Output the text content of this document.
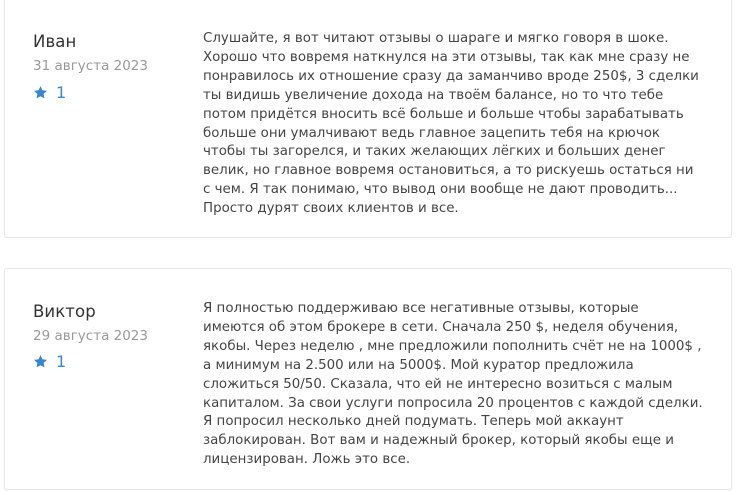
Иван
31 августа 2023
1
Слушайте, я вот читают отзывы о шараге и мягко говоря в шоке.
Хорошо что вовремя наткнулся на эти отзывы, так как мне сразу не
понравилось их отношение сразу да заманчиво вроде 250$, 3 сделки
ты видишь увеличение дохода на твоём балансе, но то что тебе
потом придётся вносить всё больше и больше чтобы зарабатывать
больше они умалчивают ведь главное зацепить тебя на крючок
чтобы ты загорелся, и таких желающих лёгких и больших денег
велик, но главное вовремя остановиться, а то рискуешь остаться ни
с чем. Я так понимаю, что вывод они вообще не дают проводить...
Просто дурят своих клиентов и все.
Виктор
29 августа 2023
1
Я полностью поддерживаю все негативные отзывы, которые
имеются об этом брокере в сети. Сначала 250 $, неделя обучения,
якобы. Через неделю , мне предложили пополнить счёт не на 1000$ ,
а минимум на 2.500 или на 5000$. Мой куратор предложила
сложиться 50/50. Сказала, что ей не интересно возиться с малым
капиталом. За свои услуги попросила 20 процентов с каждой сделки.
Я попросил несколько дней подумать. Теперь мой аккаунт
заблокирован. Вот вам и надежный брокер, который якобы еще и
лицензирован. Ложь это все.
